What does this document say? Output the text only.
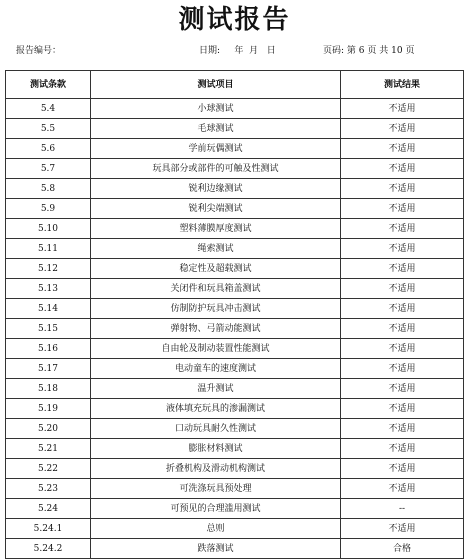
测试报告
报告编号：	日期: 年 月 日	页码: 第 6 页 共 10 页
测试条款	测试项目	测试结果
5.4	小球测试	不适用
5.5	毛球测试	不适用
5.6	学前玩偶测试	不适用
5.7	玩具部分或部件的可触及性测试	不适用
5.8	锐利边缘测试	不适用
5.9	锐利尖端测试	不适用
5.10	塑料薄膜厚度测试	不适用
5.11	绳索测试	不适用
5.12	稳定性及超载测试	不适用
5.13	关闭件和玩具箱盖测试	不适用
5.14	仿制防护玩具冲击测试	不适用
5.15	弹射物、弓箭动能测试	不适用
5.16	自由轮及制动装置性能测试	不适用
5.17	电动童车的速度测试	不适用
5.18	温升测试	不适用
5.19	液体填充玩具的渗漏测试	不适用
5.20	口动玩具耐久性测试	不适用
5.21	膨胀材料测试	不适用
5.22	折叠机构及滑动机构测试	不适用
5.23	可洗涤玩具预处理	不适用
5.24	可预见的合理滥用测试	--
5.24.1	总则	不适用
5.24.2	跌落测试	合格
